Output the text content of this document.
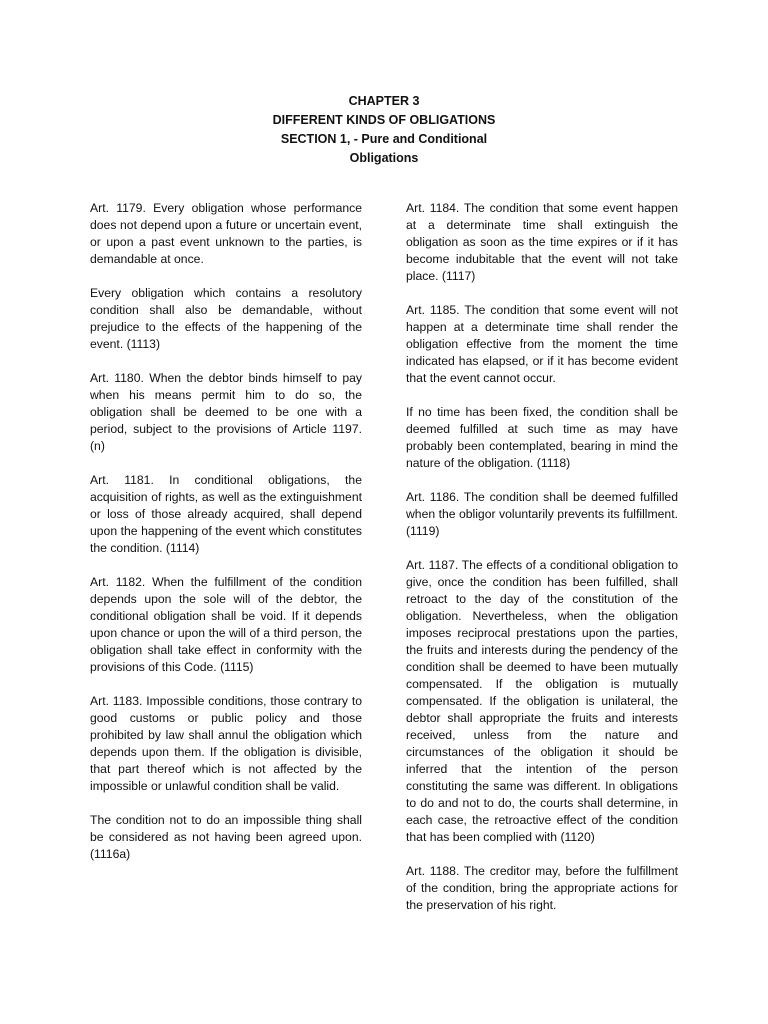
CHAPTER 3
DIFFERENT KINDS OF OBLIGATIONS
SECTION 1, - Pure and Conditional
Obligations

Art. 1179. Every obligation whose performance does not depend upon a future or uncertain event, or upon a past event unknown to the parties, is demandable at once.

Every obligation which contains a resolutory condition shall also be demandable, without prejudice to the effects of the happening of the event. (1113)

Art. 1180. When the debtor binds himself to pay when his means permit him to do so, the obligation shall be deemed to be one with a period, subject to the provisions of Article 1197. (n)

Art. 1181. In conditional obligations, the acquisition of rights, as well as the extinguishment or loss of those already acquired, shall depend upon the happening of the event which constitutes the condition. (1114)

Art. 1182. When the fulfillment of the condition depends upon the sole will of the debtor, the conditional obligation shall be void. If it depends upon chance or upon the will of a third person, the obligation shall take effect in conformity with the provisions of this Code. (1115)

Art. 1183. Impossible conditions, those contrary to good customs or public policy and those prohibited by law shall annul the obligation which depends upon them. If the obligation is divisible, that part thereof which is not affected by the impossible or unlawful condition shall be valid.

The condition not to do an impossible thing shall be considered as not having been agreed upon. (1116a)

Art. 1184. The condition that some event happen at a determinate time shall extinguish the obligation as soon as the time expires or if it has become indubitable that the event will not take place. (1117)

Art. 1185. The condition that some event will not happen at a determinate time shall render the obligation effective from the moment the time indicated has elapsed, or if it has become evident that the event cannot occur.

If no time has been fixed, the condition shall be deemed fulfilled at such time as may have probably been contemplated, bearing in mind the nature of the obligation. (1118)

Art. 1186. The condition shall be deemed fulfilled when the obligor voluntarily prevents its fulfillment. (1119)

Art. 1187. The effects of a conditional obligation to give, once the condition has been fulfilled, shall retroact to the day of the constitution of the obligation. Nevertheless, when the obligation imposes reciprocal prestations upon the parties, the fruits and interests during the pendency of the condition shall be deemed to have been mutually compensated. If the obligation is mutually compensated. If the obligation is unilateral, the debtor shall appropriate the fruits and interests received, unless from the nature and circumstances of the obligation it should be inferred that the intention of the person constituting the same was different. In obligations to do and not to do, the courts shall determine, in each case, the retroactive effect of the condition that has been complied with (1120)

Art. 1188. The creditor may, before the fulfillment of the condition, bring the appropriate actions for the preservation of his right.
